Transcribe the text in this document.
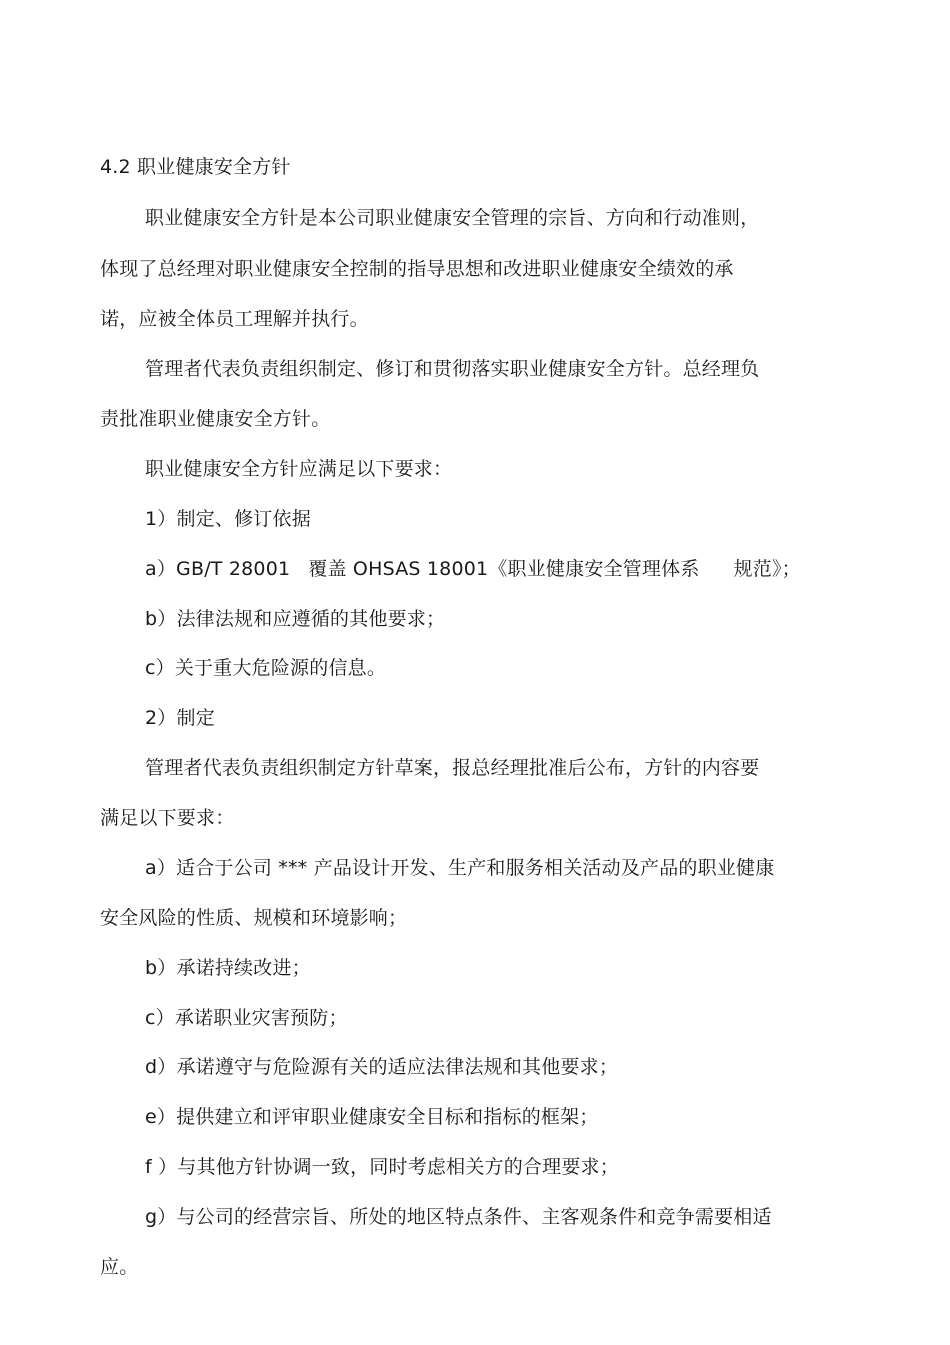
4.2 职业健康安全方针
职业健康安全方针是本公司职业健康安全管理的宗旨、方向和行动准则，
体现了总经理对职业健康安全控制的指导思想和改进职业健康安全绩效的承
诺，应被全体员工理解并执行。
管理者代表负责组织制定、修订和贯彻落实职业健康安全方针。总经理负
责批准职业健康安全方针。
职业健康安全方针应满足以下要求：
1）制定、修订依据
a）GB/T 28001 覆盖 OHSAS 18001《职业健康安全管理体系 规范》；
b）法律法规和应遵循的其他要求；
c）关于重大危险源的信息。
2）制定
管理者代表负责组织制定方针草案，报总经理批准后公布，方针的内容要
满足以下要求：
a）适合于公司 *** 产品设计开发、生产和服务相关活动及产品的职业健康
安全风险的性质、规模和环境影响；
b）承诺持续改进；
c）承诺职业灾害预防；
d）承诺遵守与危险源有关的适应法律法规和其他要求；
e）提供建立和评审职业健康安全目标和指标的框架；
f ）与其他方针协调一致，同时考虑相关方的合理要求；
g）与公司的经营宗旨、所处的地区特点条件、主客观条件和竞争需要相适
应。
